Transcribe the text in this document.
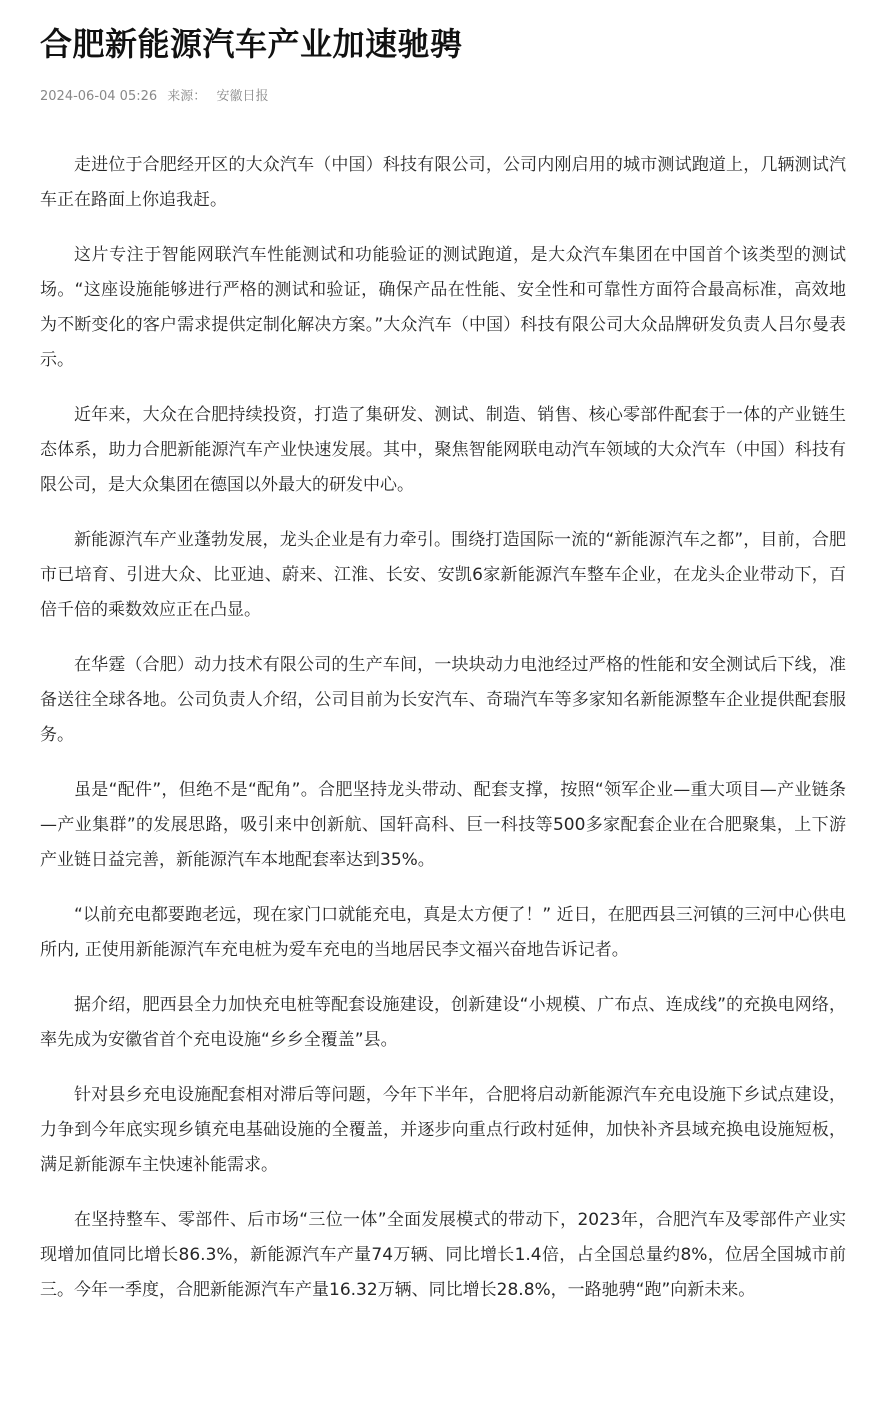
合肥新能源汽车产业加速驰骋
2024-06-04 05:26 来源： 安徽日报

走进位于合肥经开区的大众汽车（中国）科技有限公司，公司内刚启用的城市测试跑道上，几辆测试汽车正在路面上你追我赶。

这片专注于智能网联汽车性能测试和功能验证的测试跑道，是大众汽车集团在中国首个该类型的测试场。“这座设施能够进行严格的测试和验证，确保产品在性能、安全性和可靠性方面符合最高标准，高效地为不断变化的客户需求提供定制化解决方案。”大众汽车（中国）科技有限公司大众品牌研发负责人吕尔曼表示。

近年来，大众在合肥持续投资，打造了集研发、测试、制造、销售、核心零部件配套于一体的产业链生态体系，助力合肥新能源汽车产业快速发展。其中，聚焦智能网联电动汽车领域的大众汽车（中国）科技有限公司，是大众集团在德国以外最大的研发中心。

新能源汽车产业蓬勃发展，龙头企业是有力牵引。围绕打造国际一流的“新能源汽车之都”，目前，合肥市已培育、引进大众、比亚迪、蔚来、江淮、长安、安凯6家新能源汽车整车企业，在龙头企业带动下，百倍千倍的乘数效应正在凸显。

在华霆（合肥）动力技术有限公司的生产车间，一块块动力电池经过严格的性能和安全测试后下线，准备送往全球各地。公司负责人介绍，公司目前为长安汽车、奇瑞汽车等多家知名新能源整车企业提供配套服务。

虽是“配件”，但绝不是“配角”。合肥坚持龙头带动、配套支撑，按照“领军企业—重大项目—产业链条—产业集群”的发展思路，吸引来中创新航、国轩高科、巨一科技等500多家配套企业在合肥聚集，上下游产业链日益完善，新能源汽车本地配套率达到35%。

“以前充电都要跑老远，现在家门口就能充电，真是太方便了！” 近日，在肥西县三河镇的三河中心供电所内, 正使用新能源汽车充电桩为爱车充电的当地居民李文福兴奋地告诉记者。

据介绍，肥西县全力加快充电桩等配套设施建设，创新建设“小规模、广布点、连成线”的充换电网络，率先成为安徽省首个充电设施“乡乡全覆盖”县。

针对县乡充电设施配套相对滞后等问题，今年下半年，合肥将启动新能源汽车充电设施下乡试点建设，力争到今年底实现乡镇充电基础设施的全覆盖，并逐步向重点行政村延伸，加快补齐县域充换电设施短板，满足新能源车主快速补能需求。

在坚持整车、零部件、后市场“三位一体”全面发展模式的带动下，2023年，合肥汽车及零部件产业实现增加值同比增长86.3%，新能源汽车产量74万辆、同比增长1.4倍，占全国总量约8%，位居全国城市前三。今年一季度，合肥新能源汽车产量16.32万辆、同比增长28.8%，一路驰骋“跑”向新未来。
